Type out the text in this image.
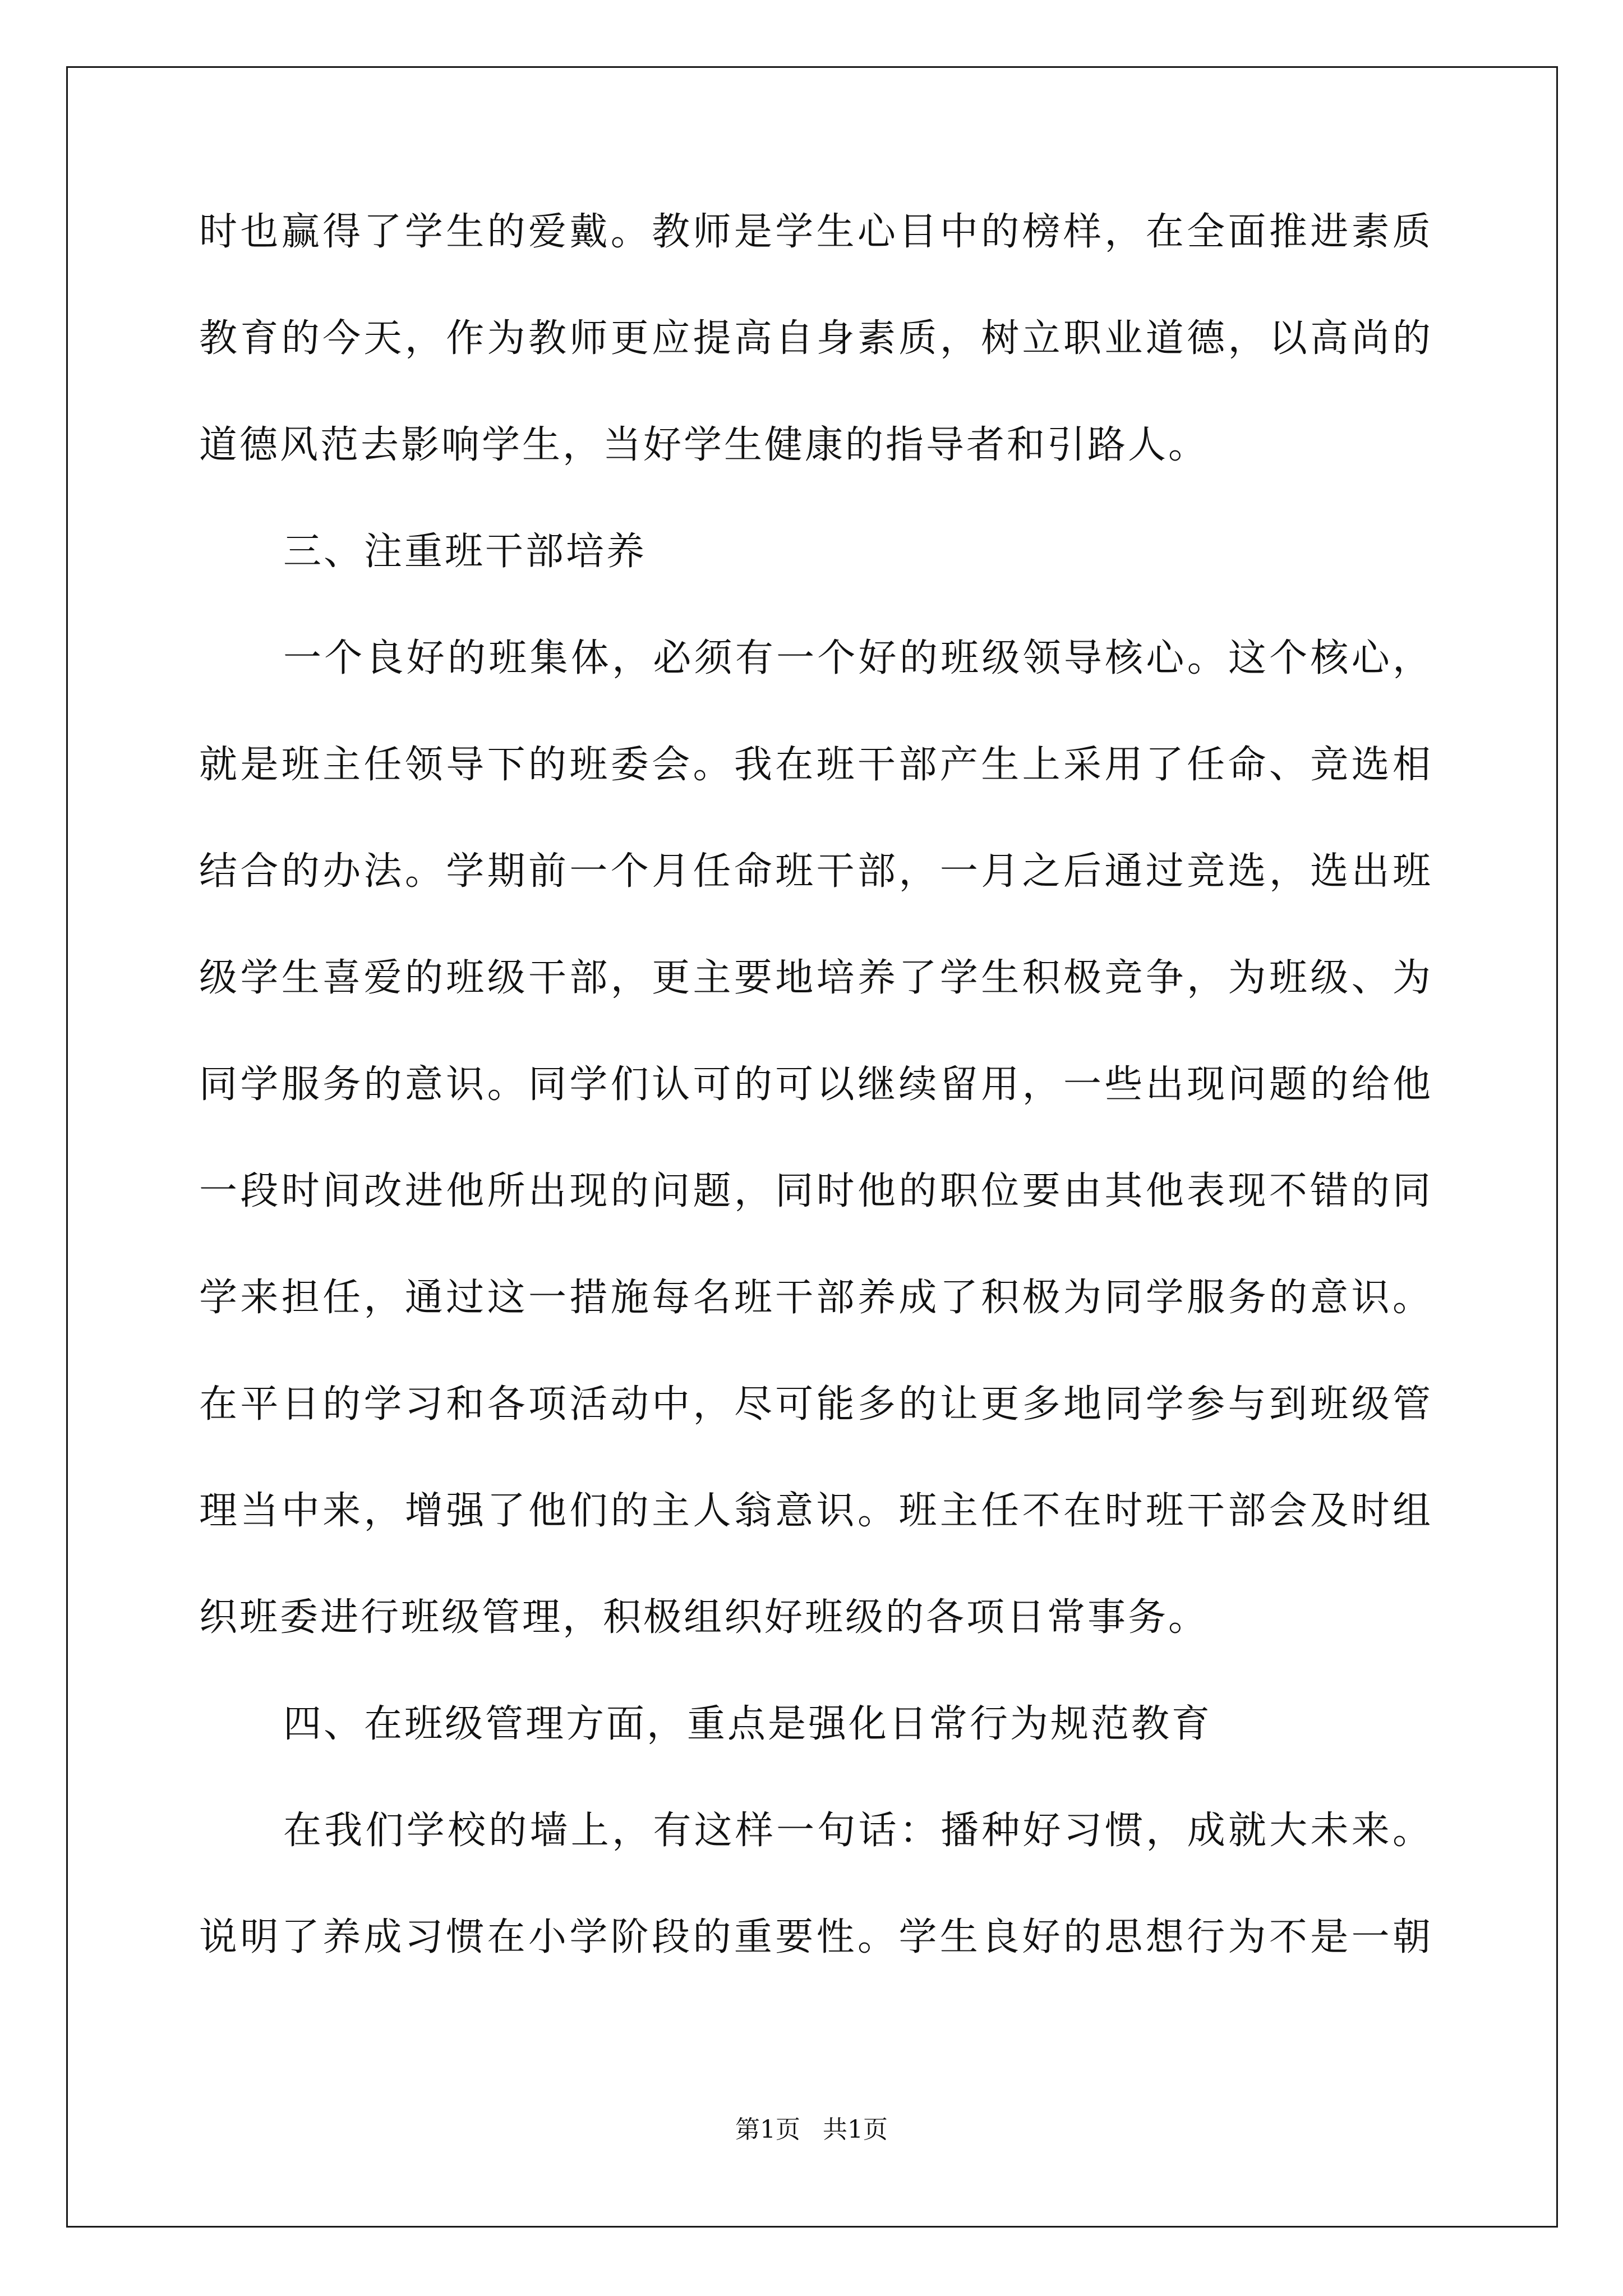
时也赢得了学生的爱戴。教师是学生心目中的榜样，在全面推进素质
教育的今天，作为教师更应提高自身素质，树立职业道德，以高尚的
道德风范去影响学生，当好学生健康的指导者和引路人。
三、注重班干部培养
一个良好的班集体，必须有一个好的班级领导核心。这个核心，
就是班主任领导下的班委会。我在班干部产生上采用了任命、竞选相
结合的办法。学期前一个月任命班干部，一月之后通过竞选，选出班
级学生喜爱的班级干部，更主要地培养了学生积极竞争，为班级、为
同学服务的意识。同学们认可的可以继续留用，一些出现问题的给他
一段时间改进他所出现的问题，同时他的职位要由其他表现不错的同
学来担任，通过这一措施每名班干部养成了积极为同学服务的意识。
在平日的学习和各项活动中，尽可能多的让更多地同学参与到班级管
理当中来，增强了他们的主人翁意识。班主任不在时班干部会及时组
织班委进行班级管理，积极组织好班级的各项日常事务。
四、在班级管理方面，重点是强化日常行为规范教育
在我们学校的墙上，有这样一句话：播种好习惯，成就大未来。
说明了养成习惯在小学阶段的重要性。学生良好的思想行为不是一朝
第1页 共1页
